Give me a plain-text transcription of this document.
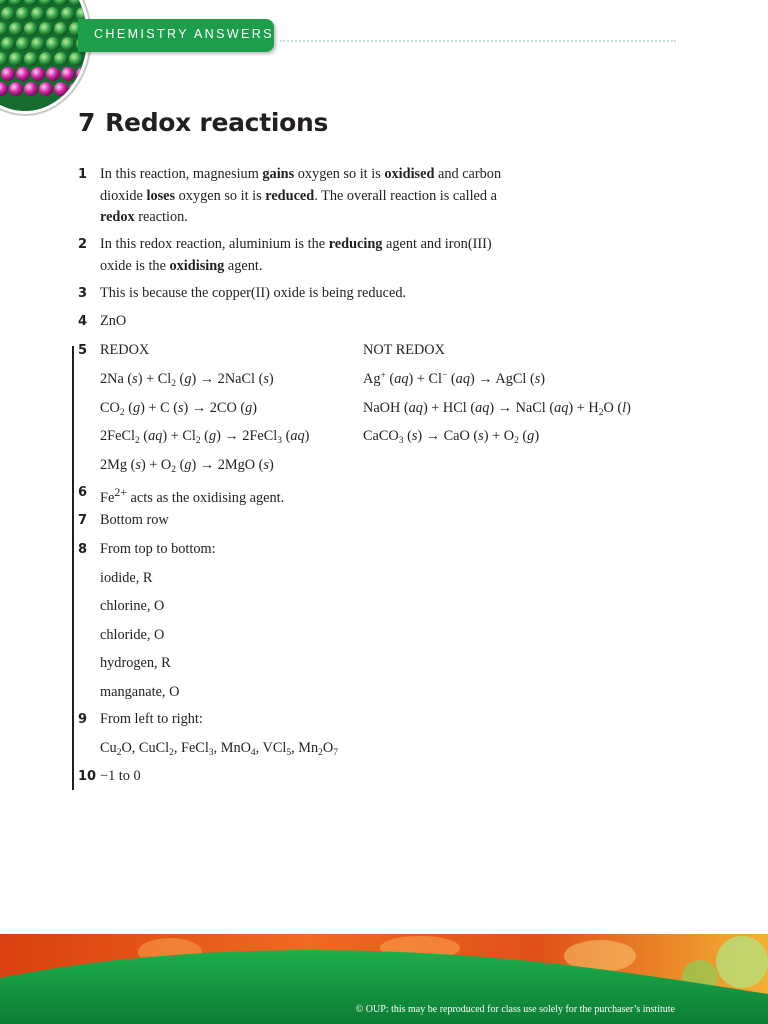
CHEMISTRY ANSWERS
7 Redox reactions
1 In this reaction, magnesium gains oxygen so it is oxidised and carbon dioxide loses oxygen so it is reduced. The overall reaction is called a redox reaction.
2 In this redox reaction, aluminium is the reducing agent and iron(III) oxide is the oxidising agent.
3 This is because the copper(II) oxide is being reduced.
4 ZnO
5 REDOX
6 $Fe^{2+}$ acts as the oxidising agent.
7 Bottom row
8 From top to bottom:
9 From left to right:
10 −1 to 0
NOT REDOX
2Na $(s) + Cl_2$ (g) → 2NaCl (s)
$CO_2$ (g) + C (s) → 2CO (g)
2FeCl$_2$ $(aq) + Cl_2$ (g) → 2FeCl$_3$ (aq)
2Mg $(s) + O_2$ (g) → 2MgO (s)
Ag+ (aq) + Cl− (aq) → AgCl (s)
NaOH (aq) + HCl (aq) → NaCl $(aq) + H_2O$ (l)
CaCO$_3$ (s) → CaO $(s) + O_2$ (g)
iodide, R
chlorine, O
chloride, O
hydrogen, R
manganate, O
$Cu_2O$, CuCl$_2$, FeCl$_3$, MnO$_4$, VCl$_5$, $Mn_2O_7$
© OUP: this may be reproduced for class use solely for the purchaser’s institute
